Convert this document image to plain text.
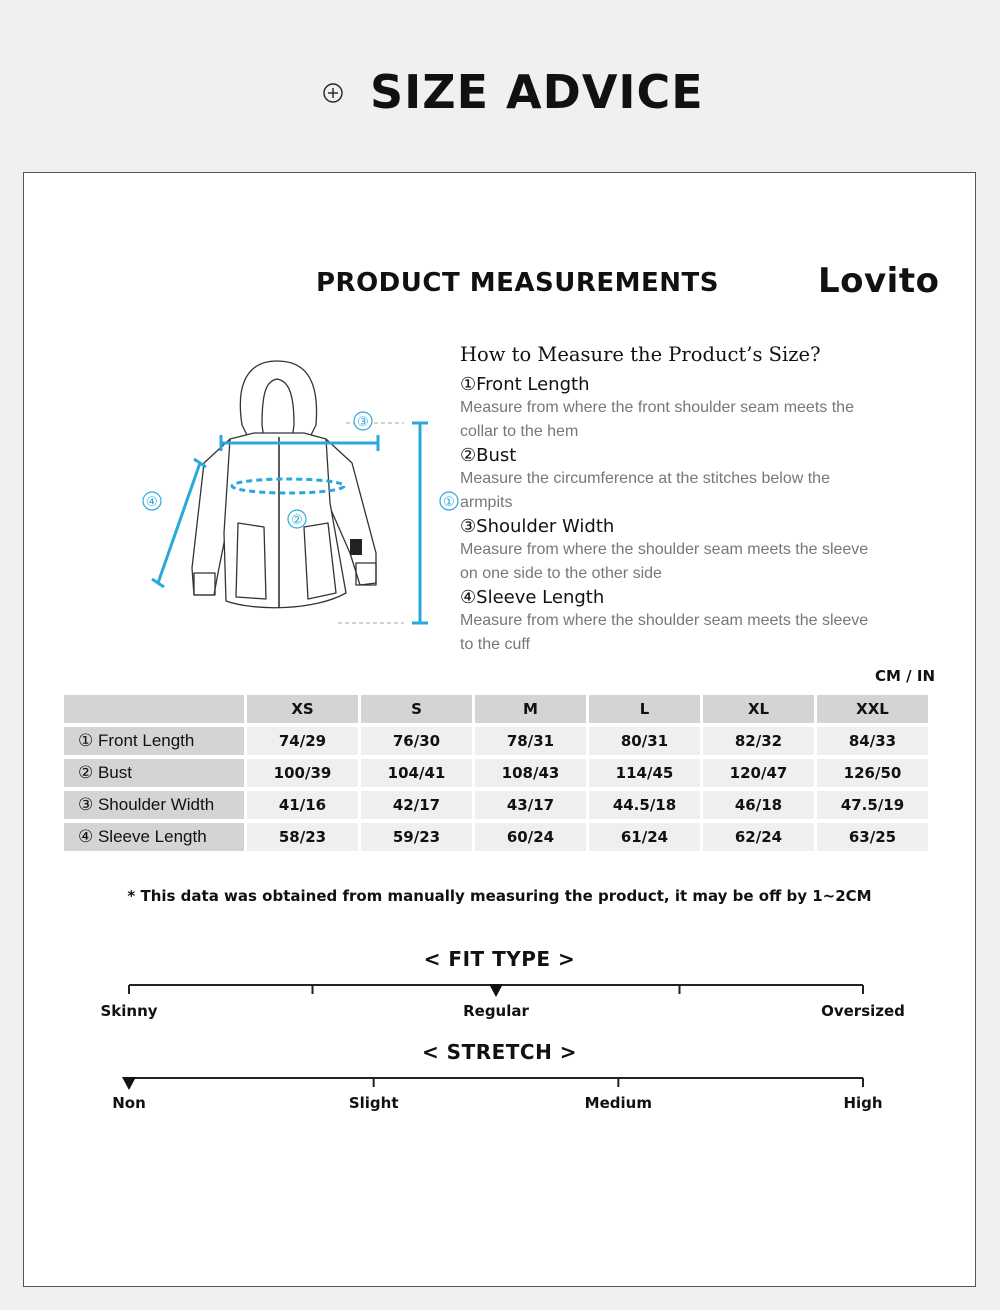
SIZE ADVICE
PRODUCT MEASUREMENTS	Lovito
③
②
①
④
How to Measure the Product’s Size?
①Front Length
Measure from where the front shoulder seam meets the
collar to the hem
②Bust
Measure the circumference at the stitches below the
armpits
③Shoulder Width
Measure from where the shoulder seam meets the sleeve
on one side to the other side
④Sleeve Length
Measure from where the shoulder seam meets the sleeve
to the cuff
CM / IN
	XS	S	M	L	XL	XXL
① Front Length	74/29	76/30	78/31	80/31	82/32	84/33
② Bust	100/39	104/41	108/43	114/45	120/47	126/50
③ Shoulder Width	41/16	42/17	43/17	44.5/18	46/18	47.5/19
④ Sleeve Length	58/23	59/23	60/24	61/24	62/24	63/25
* This data was obtained from manually measuring the product, it may be off by 1~2CM
< FIT TYPE >
Skinny	Regular	Oversized
< STRETCH >
Non	Slight	Medium	High
